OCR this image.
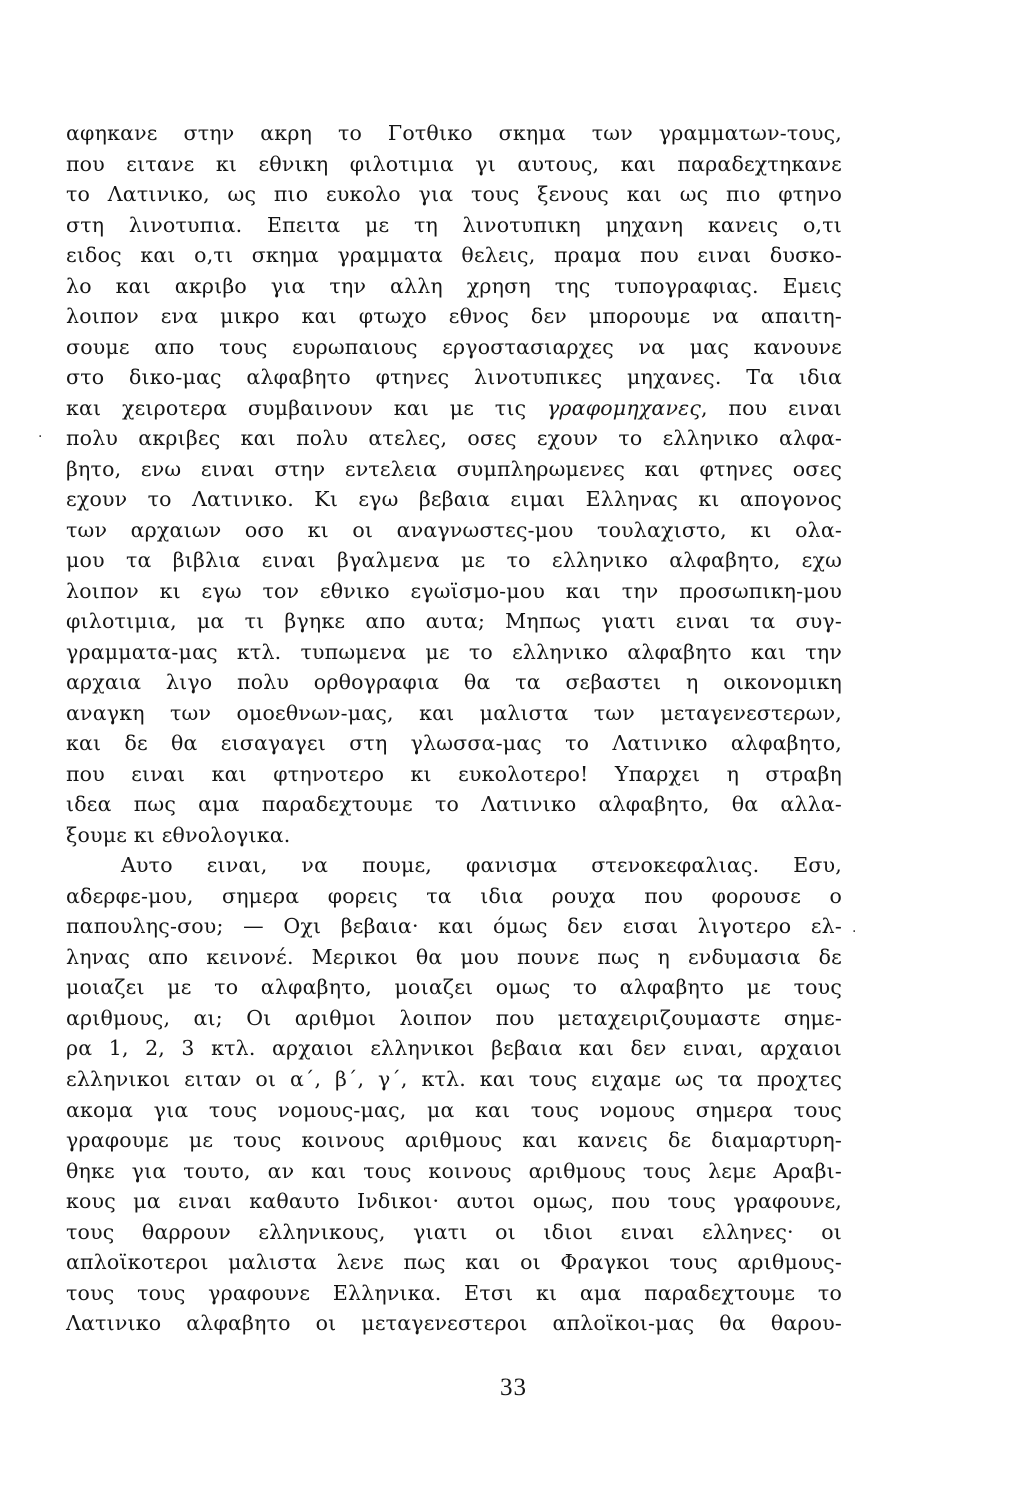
αφηκανε στην ακρη το Γοτθικο σκημα των γραμματων-τους,
που ειτανε κι εθνικη φιλοτιμια γι αυτους, και παραδεχτηκανε
το Λατινικο, ως πιο ευκολο για τους ξενους και ως πιο φτηνο
στη λινοτυπια. Επειτα με τη λινοτυπικη μηχανη κανεις ο,τι
ειδος και ο,τι σκημα γραμματα θελεις, πραμα που ειναι δυσκο-
λο και ακριβο για την αλλη χρηση της τυπογραφιας. Εμεις
λοιπον ενα μικρο και φτωχο εθνος δεν μπορουμε να απαιτη-
σουμε απο τους ευρωπαιους εργοστασιαρχες να μας κανουνε
στο δικο-μας αλφαβητο φτηνες λινοτυπικες μηχανες. Τα ιδια
και χειροτερα συμβαινουν και με τις γραφομηχανες, που ειναι
πολυ ακριβες και πολυ ατελες, οσες εχουν το ελληνικο αλφα-
βητο, ενω ειναι στην εντελεια συμπληρωμενες και φτηνες οσες
εχουν το Λατινικο. Κι εγω βεβαια ειμαι Ελληνας κι απογονος
των αρχαιων οσο κι οι αναγνωστες-μου τουλαχιστο, κι ολα-
μου τα βιβλια ειναι βγαλμενα με το ελληνικο αλφαβητο, εχω
λοιπον κι εγω τον εθνικο εγωϊσμο-μου και την προσωπικη-μου
φιλοτιμια, μα τι βγηκε απο αυτα; Μηπως γιατι ειναι τα συγ-
γραμματα-μας κτλ. τυπωμενα με το ελληνικο αλφαβητο και την
αρχαια λιγο πολυ ορθογραφια θα τα σεβαστει η οικονομικη
αναγκη των ομοεθνων-μας, και μαλιστα των μεταγενεστερων,
και δε θα εισαγαγει στη γλωσσα-μας το Λατινικο αλφαβητο,
που ειναι και φτηνοτερο κι ευκολοτερο! Υπαρχει η στραβη
ιδεα πως αμα παραδεχτουμε το Λατινικο αλφαβητο, θα αλλα-
ξουμε κι εθνολογικα.
Αυτο ειναι, να πουμε, φανισμα στενοκεφαλιας. Εσυ,
αδερφε-μου, σημερα φορεις τα ιδια ρουχα που φορουσε ο
παπουλης-σου; — Οχι βεβαια· και όμως δεν εισαι λιγοτερο ελ-
ληνας απο κεινονέ. Μερικοι θα μου πουνε πως η ενδυμασια δε
μοιαζει με το αλφαβητο, μοιαζει ομως το αλφαβητο με τους
αριθμους, αι; Οι αριθμοι λοιπον που μεταχειριζουμαστε σημε-
ρα 1, 2, 3 κτλ. αρχαιοι ελληνικοι βεβαια και δεν ειναι, αρχαιοι
ελληνικοι ειταν οι α΄, β΄, γ΄, κτλ. και τους ειχαμε ως τα προχτες
ακομα για τους νομους-μας, μα και τους νομους σημερα τους
γραφουμε με τους κοινους αριθμους και κανεις δε διαμαρτυρη-
θηκε για τουτο, αν και τους κοινους αριθμους τους λεμε Αραβι-
κους μα ειναι καθαυτο Ινδικοι· αυτοι ομως, που τους γραφουνε,
τους θαρρουν ελληνικους, γιατι οι ιδιοι ειναι ελληνες· οι
απλοϊκοτεροι μαλιστα λενε πως και οι Φραγκοι τους αριθμους-
τους τους γραφουνε Ελληνικα. Ετσι κι αμα παραδεχτουμε το
Λατινικο αλφαβητο οι μεταγενεστεροι απλοϊκοι-μας θα θαρου-
·
·
33
